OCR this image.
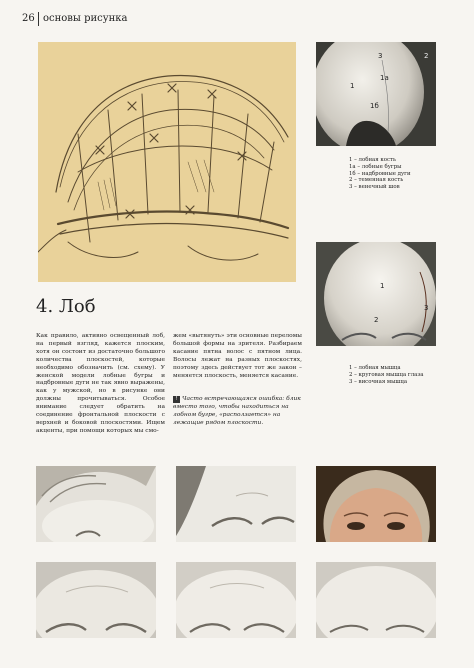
26 основы рисунка
3	2
1a
1
1б
1 – лобная кость
1а – лобные бугры
1б – надбровные дуги
2 – теменная кость
3 – венечный шов
1
2
3
1 – лобная мышца
2 – круговая мышца глаза
3 – височная мышца
4. Лоб

Как правило, активно освещенный лоб, на первый взгляд, кажется плоским, хотя он состоит из достаточно большого количества плоскостей, которые необходимо обозначить (см. схему). У женской модели лобные бугры и надбровные дуги не так явно выражены, как у мужской, но в рисунке они должны прочитываться. Особое внимание следует обратить на соединение фронтальной плоскости с верхней и боковой плоскостями. Ищем акценты, при помощи которых мы смо-

жем «вытянуть» эти основные переломы большой формы на зрителя. Разбираем касание пятна волос с пятном лица. Волосы лежат на разных плоскостях, поэтому здесь действует тот же закон – меняется плоскость, меняется касание.

! Часто встречающаяся ошибка: блик вместо того, чтобы находиться на лобном бугре, «расползается» на лежащие рядом плоскости.
